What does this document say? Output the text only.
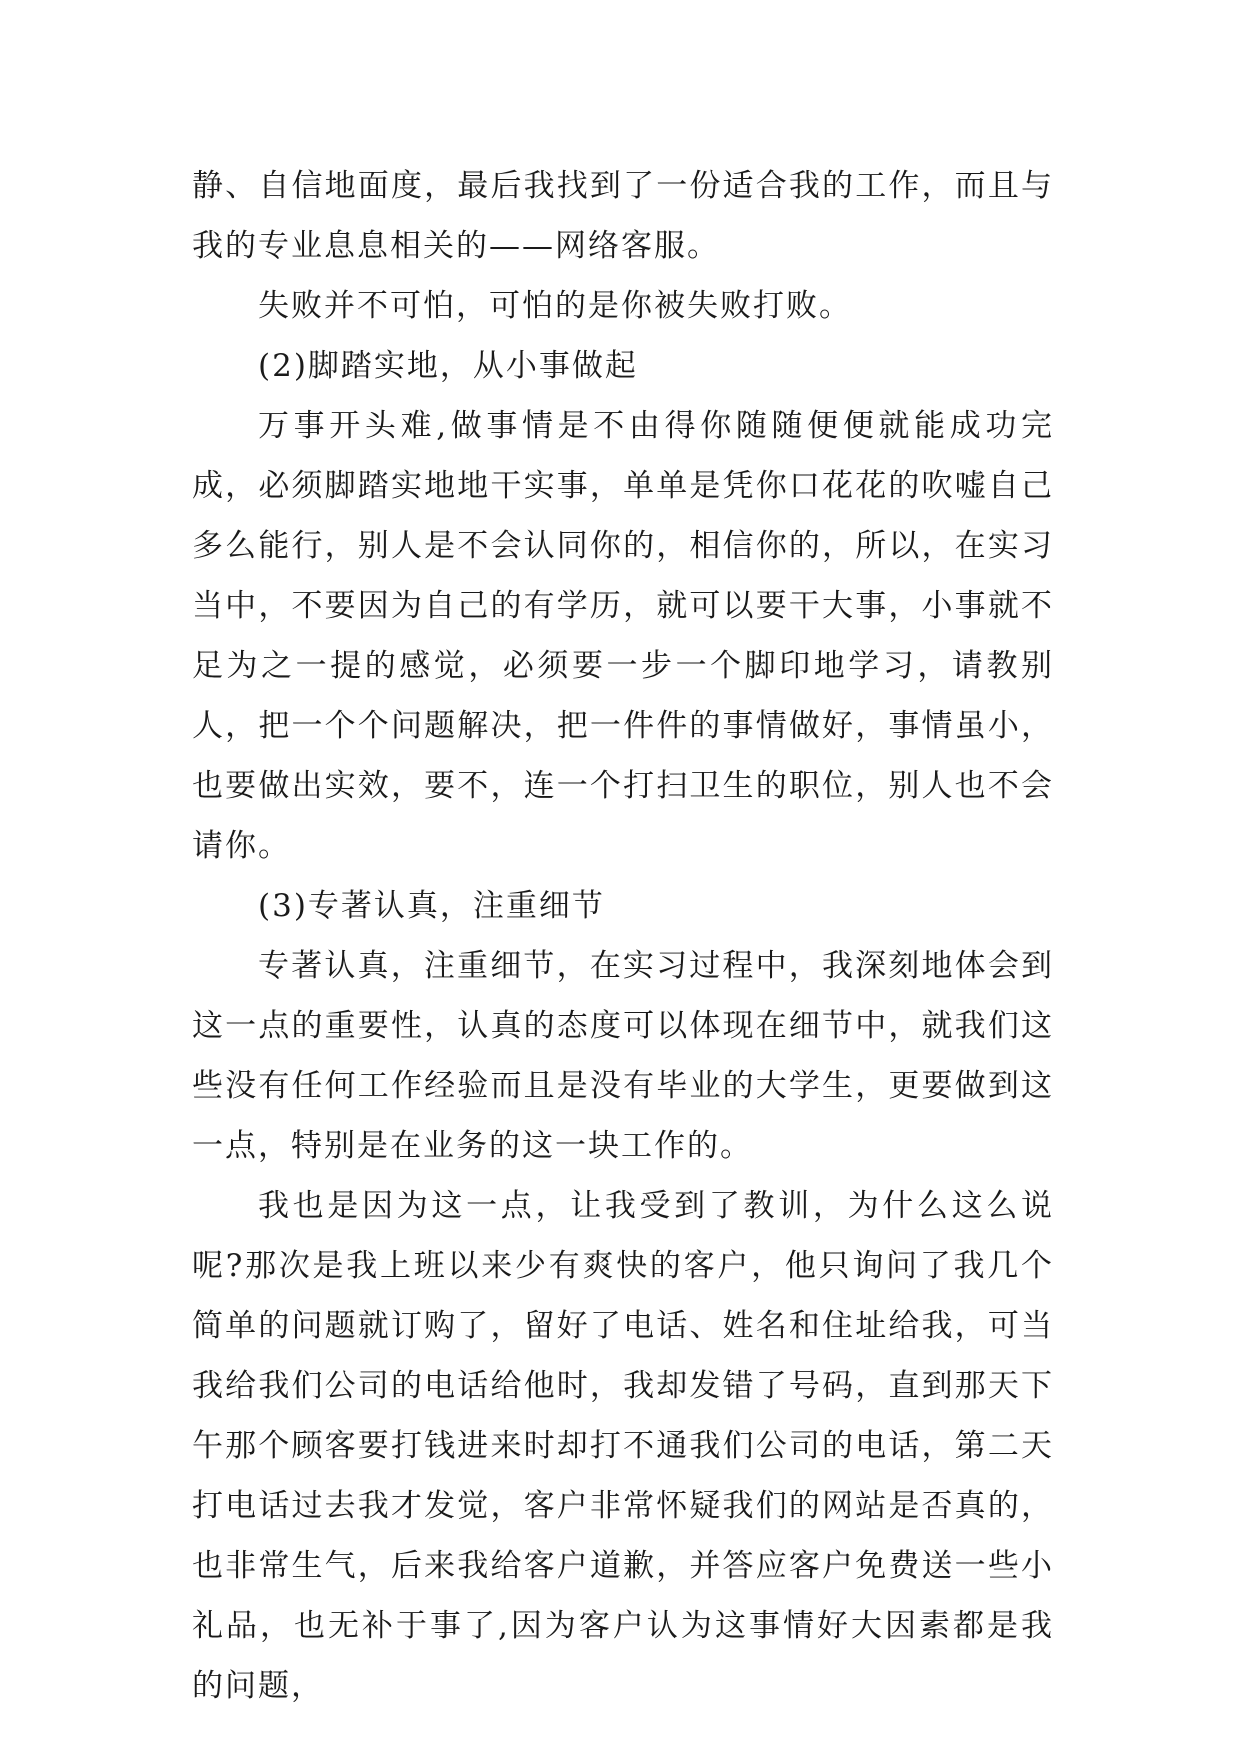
静、自信地面度，最后我找到了一份适合我的工作，而且与我的专业息息相关的——网络客服。

失败并不可怕，可怕的是你被失败打败。

(2)脚踏实地，从小事做起

万事开头难,做事情是不由得你随随便便就能成功完成，必须脚踏实地地干实事，单单是凭你口花花的吹嘘自己多么能行，别人是不会认同你的，相信你的，所以，在实习当中，不要因为自己的有学历，就可以要干大事，小事就不足为之一提的感觉，必须要一步一个脚印地学习，请教别人，把一个个问题解决，把一件件的事情做好，事情虽小，也要做出实效，要不，连一个打扫卫生的职位，别人也不会请你。

(3)专著认真，注重细节

专著认真，注重细节，在实习过程中，我深刻地体会到这一点的重要性，认真的态度可以体现在细节中，就我们这些没有任何工作经验而且是没有毕业的大学生，更要做到这一点，特别是在业务的这一块工作的。

我也是因为这一点，让我受到了教训，为什么这么说呢?那次是我上班以来少有爽快的客户，他只询问了我几个简单的问题就订购了，留好了电话、姓名和住址给我，可当我给我们公司的电话给他时，我却发错了号码，直到那天下午那个顾客要打钱进来时却打不通我们公司的电话，第二天打电话过去我才发觉，客户非常怀疑我们的网站是否真的，也非常生气，后来我给客户道歉，并答应客户免费送一些小礼品，也无补于事了,因为客户认为这事情好大因素都是我的问题，
